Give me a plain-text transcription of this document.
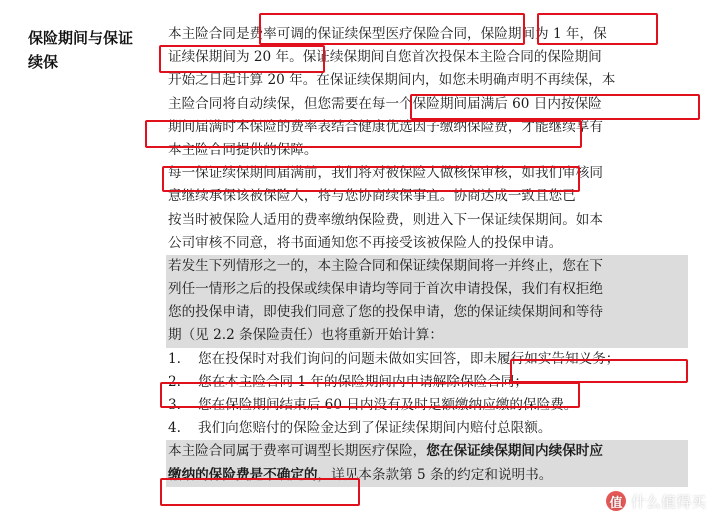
保险期间与保证
续保
本主险合同是费率可调的保证续保型医疗保险合同，保险期间为 1 年，保
证续保期间为 20 年。保证续保期间自您首次投保本主险合同的保险期间
开始之日起计算 20 年。在保证续保期间内，如您未明确声明不再续保，本
主险合同将自动续保，但您需要在每一个保险期间届满后 60 日内按保险
期间届满时本保险的费率表结合健康优选因子缴纳保险费，才能继续享有
本主险合同提供的保障。
每一保证续保期间届满前，我们将对被保险人做核保审核，如我们审核同
意继续承保该被保险人，将与您协商续保事宜。协商达成一致且您已
按当时被保险人适用的费率缴纳保险费，则进入下一保证续保期间。如本
公司审核不同意，将书面通知您不再接受该被保险人的投保申请。
若发生下列情形之一的，本主险合同和保证续保期间将一并终止，您在下
列任一情形之后的投保或续保申请均等同于首次申请投保，我们有权拒绝
您的投保申请，即使我们同意了您的投保申请，您的保证续保期间和等待
期（见 2.2 条保险责任）也将重新开始计算：
1. 您在投保时对我们询问的问题未做如实回答，即未履行如实告知义务；
2. 您在本主险合同 1 年的保险期间内申请解除保险合同；
3. 您在保险期间结束后 60 日内没有及时足额缴纳应缴的保险费。
4. 我们向您赔付的保险金达到了保证续保期间内赔付总限额。
本主险合同属于费率可调型长期医疗保险，您在保证续保期间内续保时应
缴纳的保险费是不确定的，详见本条款第 5 条的约定和说明书。
值 什么值得买
